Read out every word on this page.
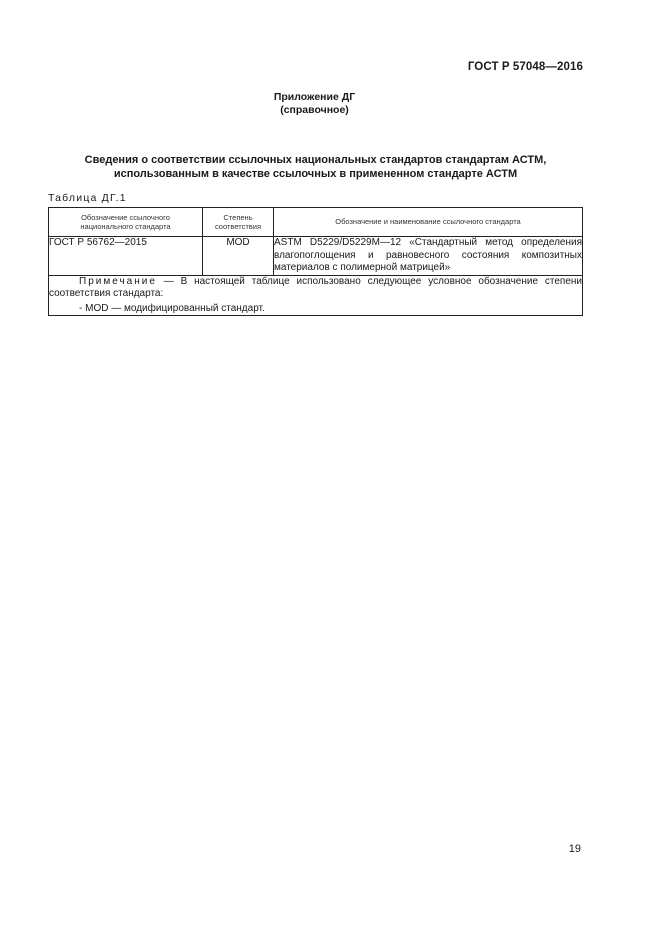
ГОСТ Р 57048—2016
Приложение ДГ
(справочное)
Сведения о соответствии ссылочных национальных стандартов стандартам АСТМ,
использованным в качестве ссылочных в примененном стандарте АСТМ
Таблица ДГ.1
Обозначение ссылочного национального стандарта	Степень соответствия	Обозначение и наименование ссылочного стандарта

ГОСТ Р 56762—2015	MOD	ASTM D5229/D5229M—12 «Стандартный метод определения влагопоглощения и равновесного состояния композитных материалов с полимерной матрицей»

Примечание — В настоящей таблице использовано следующее условное обозначение степени соответствия стандарта:
- MOD — модифицированный стандарт.		
19
